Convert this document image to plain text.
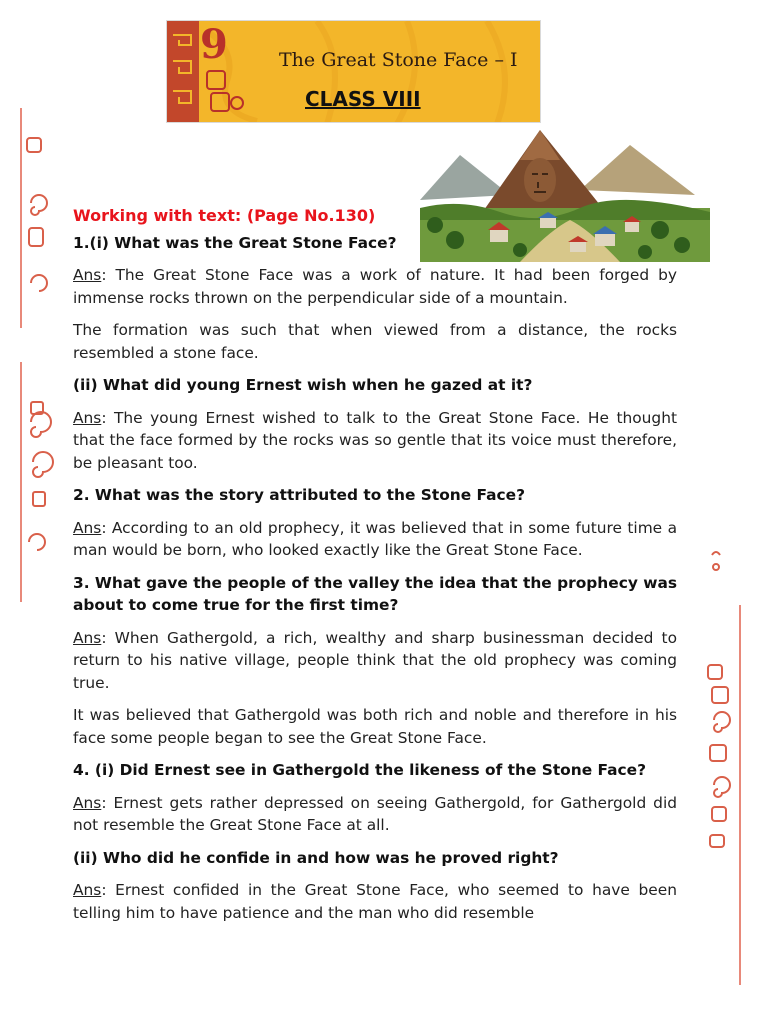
9	The Great Stone Face – I
CLASS VIII

Working with text: (Page No.130)

1.(i) What was the Great Stone Face?

Ans: The Great Stone Face was a work of nature. It had been forged by immense rocks thrown on the perpendicular side of a mountain.

The formation was such that when viewed from a distance, the rocks resembled a stone face.

(ii) What did young Ernest wish when he gazed at it?

Ans: The young Ernest wished to talk to the Great Stone Face. He thought that the face formed by the rocks was so gentle that its voice must therefore, be pleasant too.

2. What was the story attributed to the Stone Face?

Ans: According to an old prophecy, it was believed that in some future time a man would be born, who looked exactly like the Great Stone Face.

3. What gave the people of the valley the idea that the prophecy was about to come true for the first time?

Ans: When Gathergold, a rich, wealthy and sharp businessman decided to return to his native village, people think that the old prophecy was coming true.

It was believed that Gathergold was both rich and noble and therefore in his face some people began to see the Great Stone Face.

4. (i) Did Ernest see in Gathergold the likeness of the Stone Face?

Ans: Ernest gets rather depressed on seeing Gathergold, for Gathergold did not resemble the Great Stone Face at all.

(ii) Who did he confide in and how was he proved right?

Ans: Ernest confided in the Great Stone Face, who seemed to have been telling him to have patience and the man who did resemble
